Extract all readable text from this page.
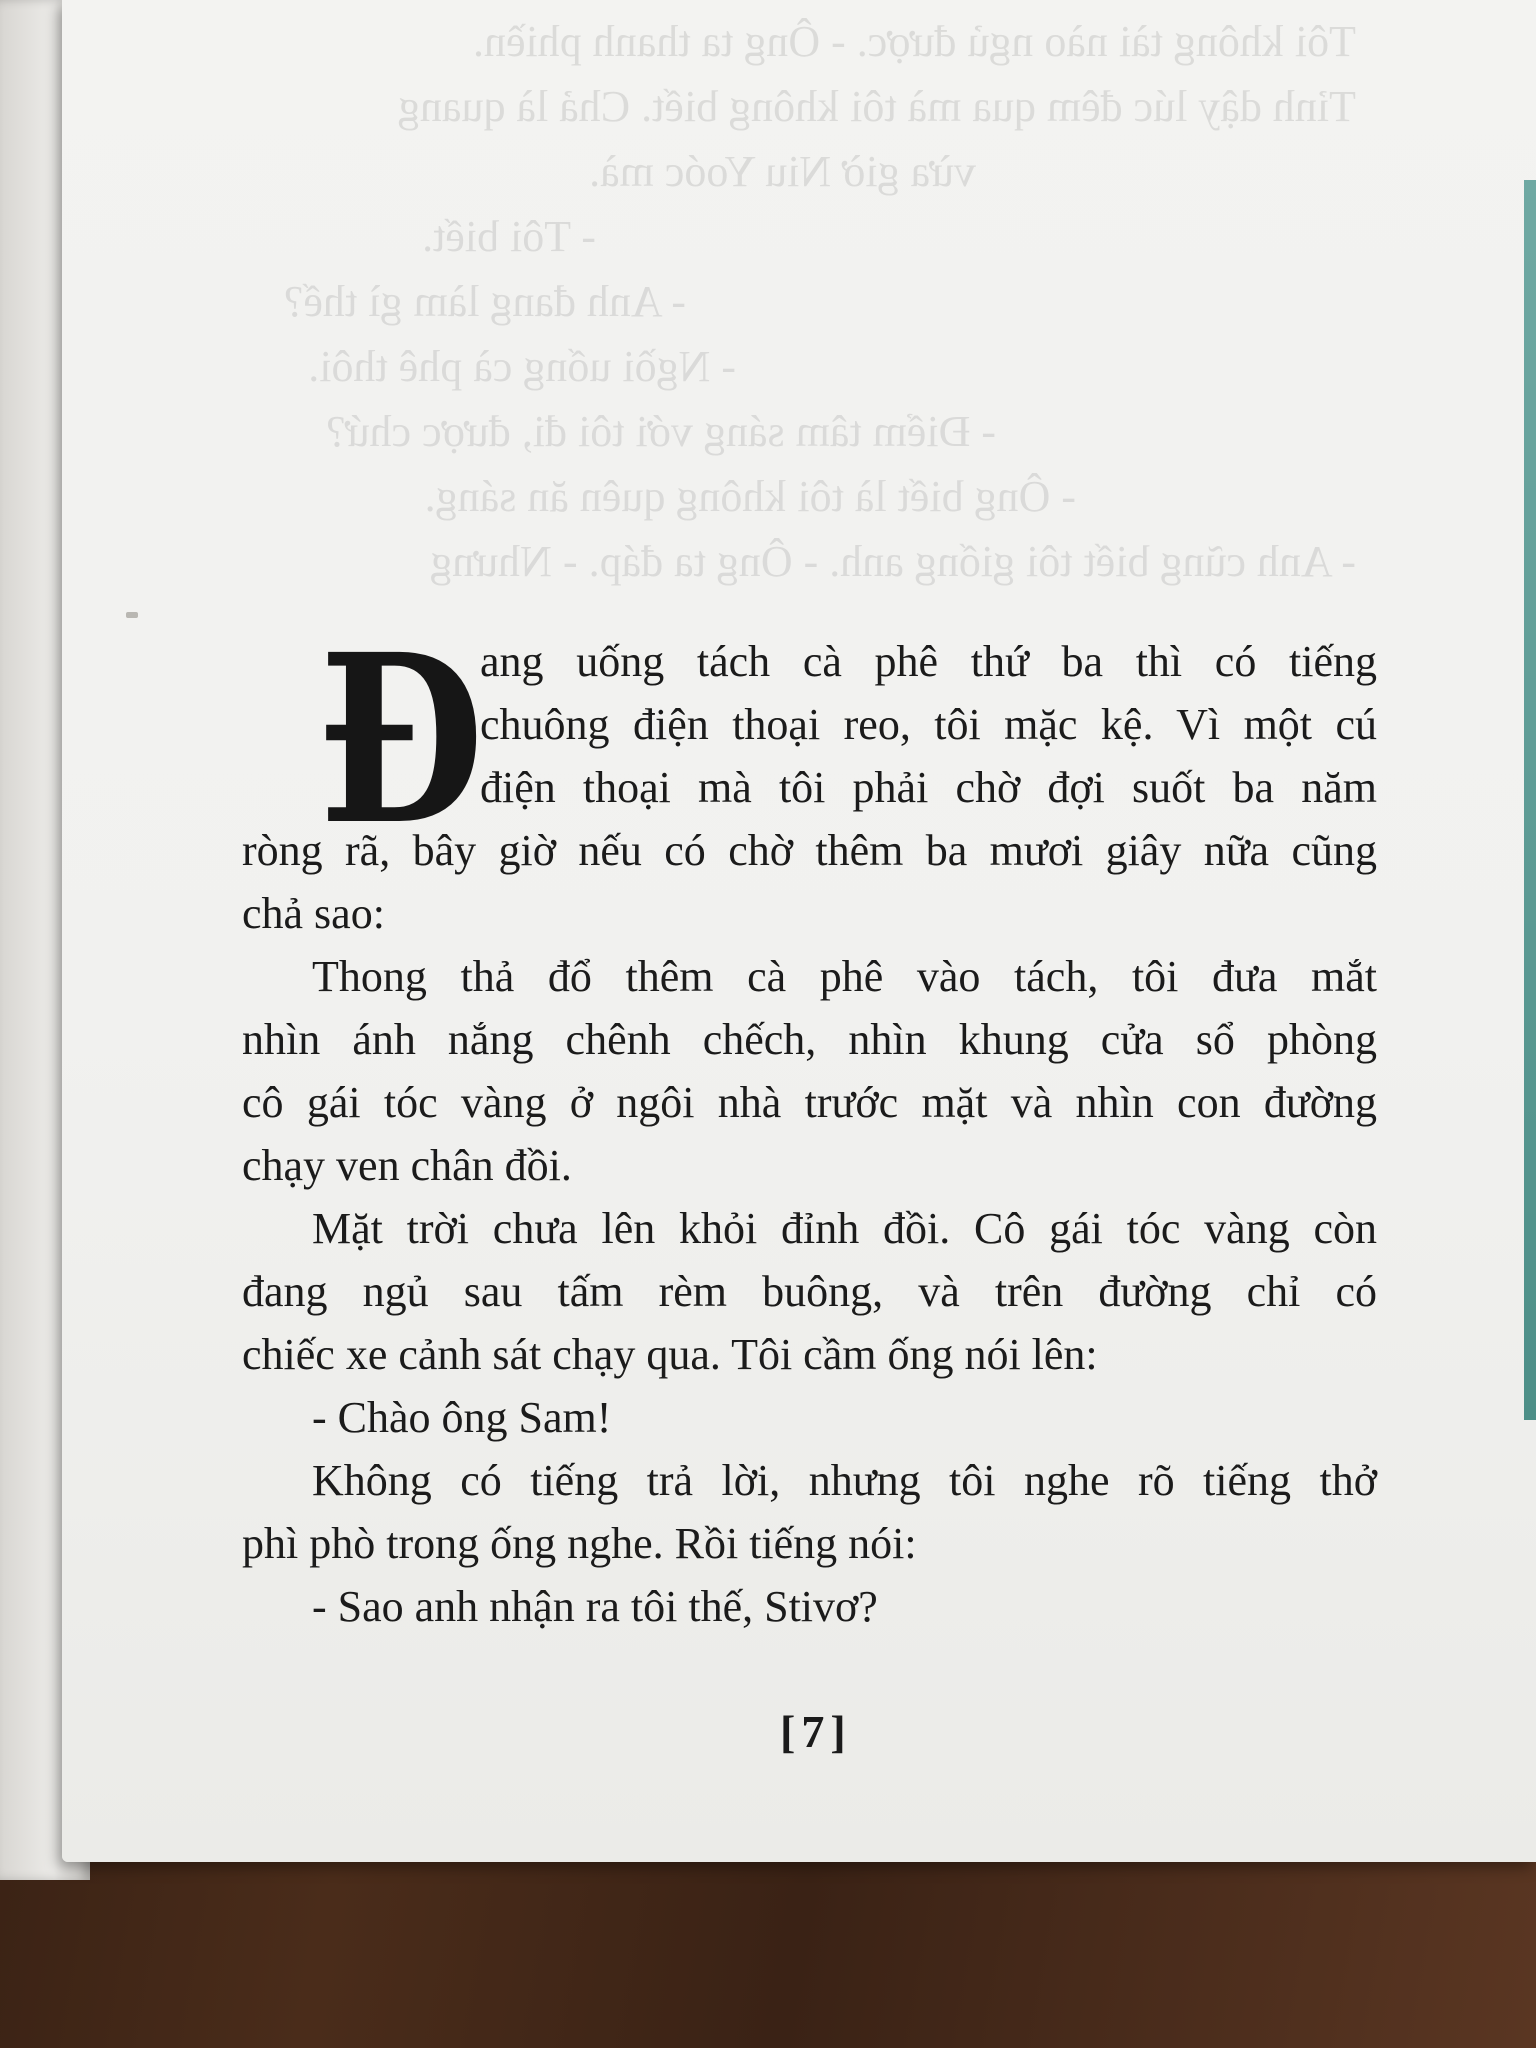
Tôi không tài nào ngủ được. - Ông ta thanh phiền.
Tỉnh dậy lúc đêm qua mà tôi không biết. Chả là quang
vừa giờ Niu Yoóc mà.
- Tôi biết.
- Anh đang làm gì thế?
- Ngồi uống cà phê thôi.
- Điểm tâm sáng với tôi đi, được chứ?
- Ông biết là tôi không quên ăn sáng.
- Anh cũng biết tôi giống anh. - Ông ta đáp. - Nhưng
Đ
ang uống tách cà phê thứ ba thì có tiếng
chuông điện thoại reo, tôi mặc kệ. Vì một cú
điện thoại mà tôi phải chờ đợi suốt ba năm
ròng rã, bây giờ nếu có chờ thêm ba mươi giây nữa cũng
chả sao:
Thong thả đổ thêm cà phê vào tách, tôi đưa mắt
nhìn ánh nắng chênh chếch, nhìn khung cửa sổ phòng
cô gái tóc vàng ở ngôi nhà trước mặt và nhìn con đường
chạy ven chân đồi.
Mặt trời chưa lên khỏi đỉnh đồi. Cô gái tóc vàng còn
đang ngủ sau tấm rèm buông, và trên đường chỉ có
chiếc xe cảnh sát chạy qua. Tôi cầm ống nói lên:
- Chào ông Sam!
Không có tiếng trả lời, nhưng tôi nghe rõ tiếng thở
phì phò trong ống nghe. Rồi tiếng nói:
- Sao anh nhận ra tôi thế, Stivơ?
[7]
